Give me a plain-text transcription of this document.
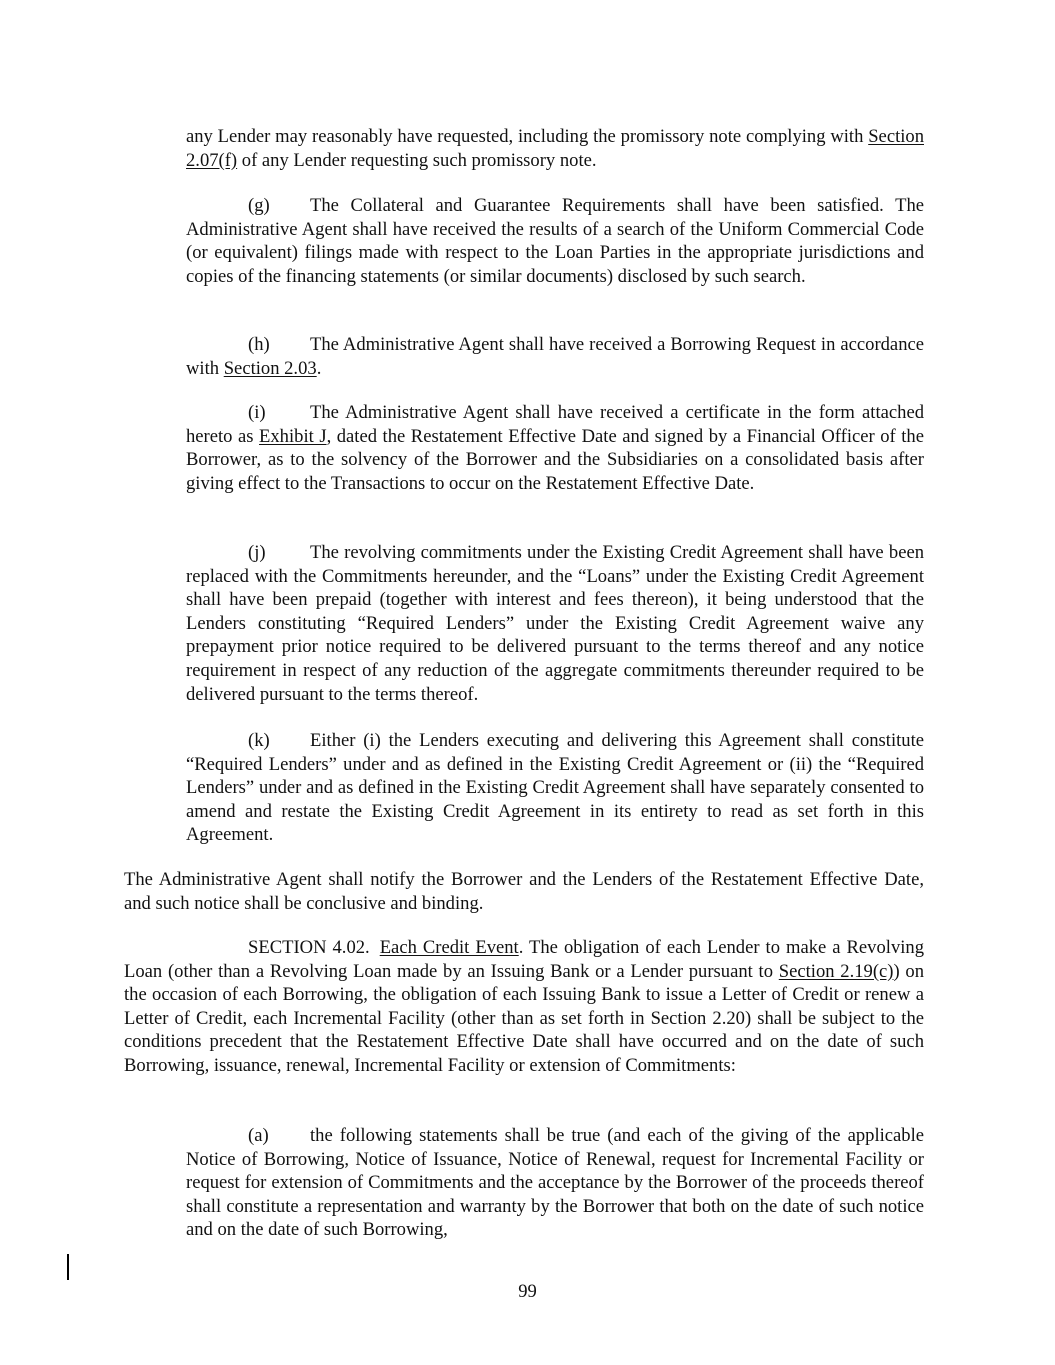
any Lender may reasonably have requested, including the promissory note complying with Section 2.07(f) of any Lender requesting such promissory note.

(g) The Collateral and Guarantee Requirements shall have been satisfied. The Administrative Agent shall have received the results of a search of the Uniform Commercial Code (or equivalent) filings made with respect to the Loan Parties in the appropriate jurisdictions and copies of the financing statements (or similar documents) disclosed by such search.

(h) The Administrative Agent shall have received a Borrowing Request in accordance with Section 2.03.

(i) The Administrative Agent shall have received a certificate in the form attached hereto as Exhibit J, dated the Restatement Effective Date and signed by a Financial Officer of the Borrower, as to the solvency of the Borrower and the Subsidiaries on a consolidated basis after giving effect to the Transactions to occur on the Restatement Effective Date.

(j) The revolving commitments under the Existing Credit Agreement shall have been replaced with the Commitments hereunder, and the “Loans” under the Existing Credit Agreement shall have been prepaid (together with interest and fees thereon), it being understood that the Lenders constituting “Required Lenders” under the Existing Credit Agreement waive any prepayment prior notice required to be delivered pursuant to the terms thereof and any notice requirement in respect of any reduction of the aggregate commitments thereunder required to be delivered pursuant to the terms thereof.

(k) Either (i) the Lenders executing and delivering this Agreement shall constitute “Required Lenders” under and as defined in the Existing Credit Agreement or (ii) the “Required Lenders” under and as defined in the Existing Credit Agreement shall have separately consented to amend and restate the Existing Credit Agreement in its entirety to read as set forth in this Agreement.

The Administrative Agent shall notify the Borrower and the Lenders of the Restatement Effective Date, and such notice shall be conclusive and binding.

SECTION 4.02. Each Credit Event. The obligation of each Lender to make a Revolving Loan (other than a Revolving Loan made by an Issuing Bank or a Lender pursuant to Section 2.19(c)) on the occasion of each Borrowing, the obligation of each Issuing Bank to issue a Letter of Credit or renew a Letter of Credit, each Incremental Facility (other than as set forth in Section 2.20) shall be subject to the conditions precedent that the Restatement Effective Date shall have occurred and on the date of such Borrowing, issuance, renewal, Incremental Facility or extension of Commitments:

(a) the following statements shall be true (and each of the giving of the applicable Notice of Borrowing, Notice of Issuance, Notice of Renewal, request for Incremental Facility or request for extension of Commitments and the acceptance by the Borrower of the proceeds thereof shall constitute a representation and warranty by the Borrower that both on the date of such notice and on the date of such Borrowing,

99
